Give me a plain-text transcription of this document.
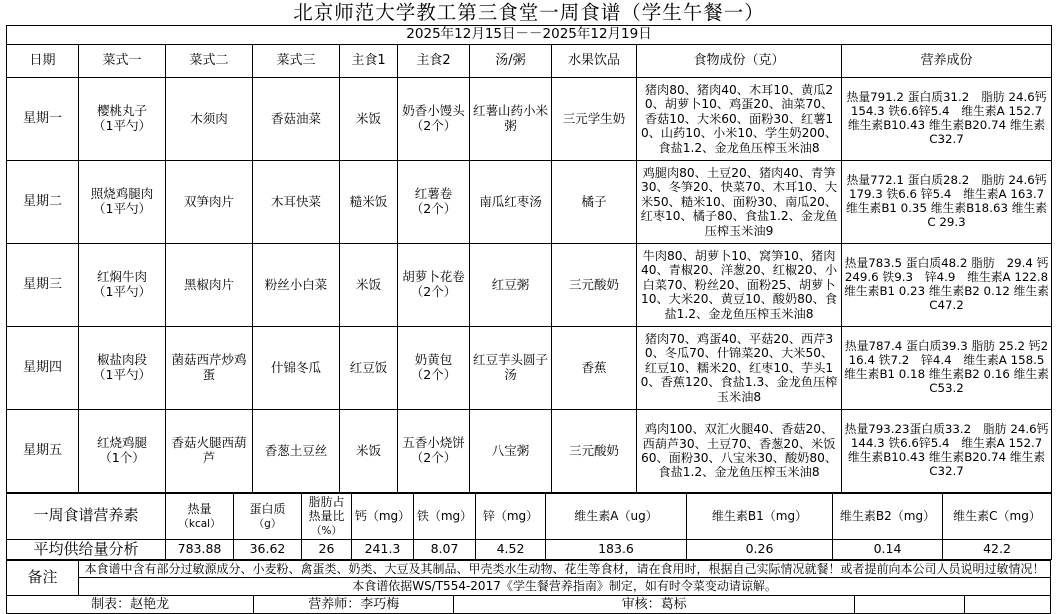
北京师范大学教工第三食堂一周食谱（学生午餐一）									
2025年12月15日－－2025年12月19日									
日期	菜式一	菜式二	菜式三	主食1	主食2	汤/粥	水果饮品	食物成份（克）	营养成份
星期一	樱桃丸子
（1平勺）	木须肉	香菇油菜	米饭	奶香小馒头
（2个）	红薯山药小米粥	三元学生奶	猪肉80、猪肉40、木耳10、黄瓜20、胡萝卜10、鸡蛋20、油菜70、香菇10、大米60、面粉30、红薯10、山药10、小米10、学生奶200、食盐1.2、金龙鱼压榨玉米油8	热量791.2 蛋白质31.2　脂肪 24.6钙154.3 铁6.6锌5.4　维生素A 152.7 维生素B10.43 维生素B20.74 维生素C32.7
星期二	照烧鸡腿肉
（1平勺）	双笋肉片	木耳快菜	糙米饭	红薯卷
（2个）	南瓜红枣汤	橘子	鸡腿肉80、土豆20、猪肉40、青笋30、冬笋20、快菜70、木耳10、大米50、糙米10、面粉30、南瓜20、红枣10、橘子80、食盐1.2、金龙鱼压榨玉米油9	热量772.1 蛋白质28.2　脂肪 24.6钙179.3 铁6.6 锌5.4　维生素A 163.7 维生素B1 0.35 维生素B18.63 维生素C 29.3
星期三	红焖牛肉
（1平勺）	黑椒肉片	粉丝小白菜	米饭	胡萝卜花卷
（2个）	红豆粥	三元酸奶	牛肉80、胡萝卜10、窝笋10、猪肉40、青椒20、洋葱20、红椒20、小白菜70、粉丝20、面粉25、胡萝卜10、大米20、黄豆10、酸奶80、食盐1.2、金龙鱼压榨玉米油8	热量783.5 蛋白质48.2 脂肪　29.4 钙 249.6 铁9.3　锌4.9　维生素A 122.8 维生素B1 0.23 维生素B2 0.12 维生素C47.2
星期四	椒盐肉段
（1平勺）	菌菇西芹炒鸡蛋	什锦冬瓜	红豆饭	奶黄包
（2个）	红豆芋头圆子汤	香蕉	猪肉70、鸡蛋40、平菇20、西芹30、冬瓜70、什锦菜20、大米50、红豆10、糯米20、红枣10、芋头10、香蕉120、食盐1.3、金龙鱼压榨玉米油8	热量787.4 蛋白质39.3 脂肪 25.2 钙216.4 铁7.2　锌4.4　维生素A 158.5 维生素B1 0.18 维生素B2 0.16 维生素C53.2
星期五	红烧鸡腿
（1个）	香菇火腿西葫芦	香葱土豆丝	米饭	五香小烧饼
（2个）	八宝粥	三元酸奶	鸡肉100、双汇火腿40、香菇20、西葫芦30、土豆70、香葱20、米饭60、面粉30、八宝米30、酸奶80、食盐1.2、金龙鱼压榨玉米油8	热量793.23蛋白质33.2　脂肪 24.6钙144.3 铁6.6锌5.4　维生素A 152.7 维生素B10.43 维生素B20.74 维生素C32.7
一周食谱营养素	热量
（kcal）	蛋白质
（g）	脂肪占热量比 （%）	钙（mg）	铁（mg）	锌（mg）	维生素A（ug）	维生素B1（mg）	维生素B2（mg）	维生素C（mg）
平均供给量分析	783.88	36.62	26	241.3	8.07	4.52	183.6	0.26	0.14	42.2
备注	本食谱中含有部分过敏源成分、小麦粉、禽蛋类、奶类、大豆及其制品、甲壳类水生动物、花生等食材，请在食用时，根据自己实际情况就餐！或者提前向本公司人员说明过敏情况！				
	本食谱依据WS/T554-2017《学生餐营养指南》制定，如有时令菜变动请谅解。				
制表：赵艳龙		营养师：李巧梅	审核：葛标		
